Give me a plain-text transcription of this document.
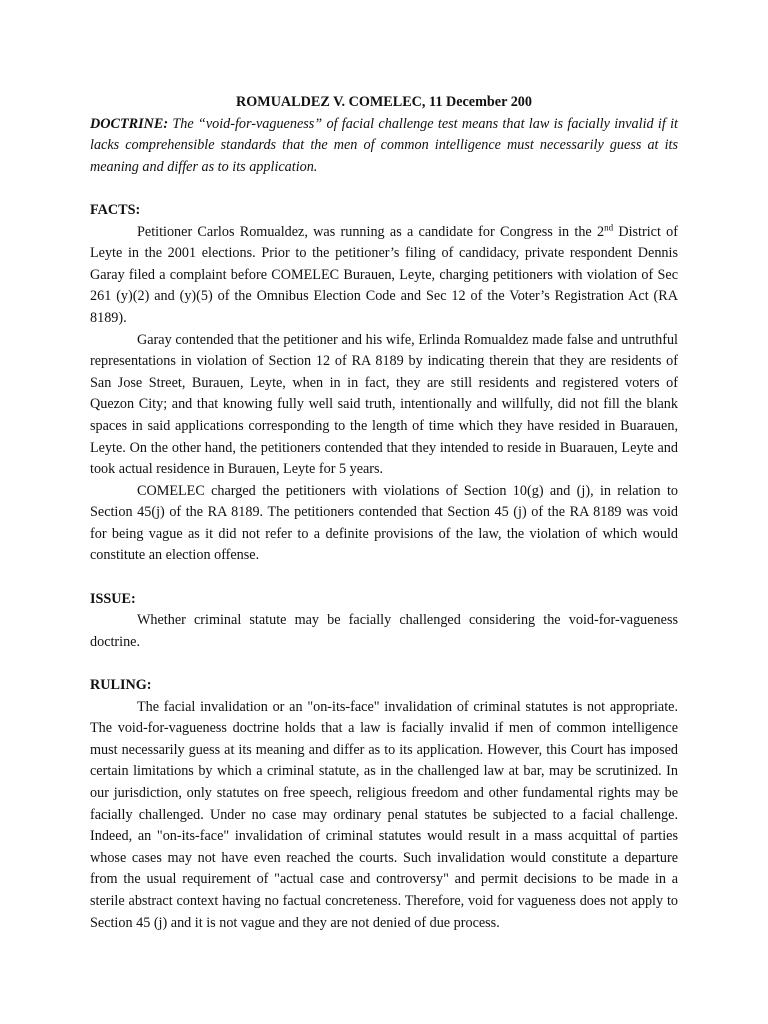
ROMUALDEZ V. COMELEC, 11 December 200

DOCTRINE: The “void-for-vagueness” of facial challenge test means that law is facially invalid if it lacks comprehensible standards that the men of common intelligence must necessarily guess at its meaning and differ as to its application.

FACTS:

Petitioner Carlos Romualdez, was running as a candidate for Congress in the 2nd District of Leyte in the 2001 elections. Prior to the petitioner’s filing of candidacy, private respondent Dennis Garay filed a complaint before COMELEC Burauen, Leyte, charging petitioners with violation of Sec 261 (y)(2) and (y)(5) of the Omnibus Election Code and Sec 12 of the Voter’s Registration Act (RA 8189).

Garay contended that the petitioner and his wife, Erlinda Romualdez made false and untruthful representations in violation of Section 12 of RA 8189 by indicating therein that they are residents of San Jose Street, Burauen, Leyte, when in in fact, they are still residents and registered voters of Quezon City; and that knowing fully well said truth, intentionally and willfully, did not fill the blank spaces in said applications corresponding to the length of time which they have resided in Buarauen, Leyte. On the other hand, the petitioners contended that they intended to reside in Buarauen, Leyte and took actual residence in Burauen, Leyte for 5 years.

COMELEC charged the petitioners with violations of Section 10(g) and (j), in relation to Section 45(j) of the RA 8189. The petitioners contended that Section 45 (j) of the RA 8189 was void for being vague as it did not refer to a definite provisions of the law, the violation of which would constitute an election offense.

ISSUE:

Whether criminal statute may be facially challenged considering the void-for-vagueness doctrine.

RULING:

The facial invalidation or an "on-its-face" invalidation of criminal statutes is not appropriate. The void-for-vagueness doctrine holds that a law is facially invalid if men of common intelligence must necessarily guess at its meaning and differ as to its application. However, this Court has imposed certain limitations by which a criminal statute, as in the challenged law at bar, may be scrutinized. In our jurisdiction, only statutes on free speech, religious freedom and other fundamental rights may be facially challenged. Under no case may ordinary penal statutes be subjected to a facial challenge. Indeed, an "on-its-face" invalidation of criminal statutes would result in a mass acquittal of parties whose cases may not have even reached the courts. Such invalidation would constitute a departure from the usual requirement of "actual case and controversy" and permit decisions to be made in a sterile abstract context having no factual concreteness. Therefore, void for vagueness does not apply to Section 45 (j) and it is not vague and they are not denied of due process.
